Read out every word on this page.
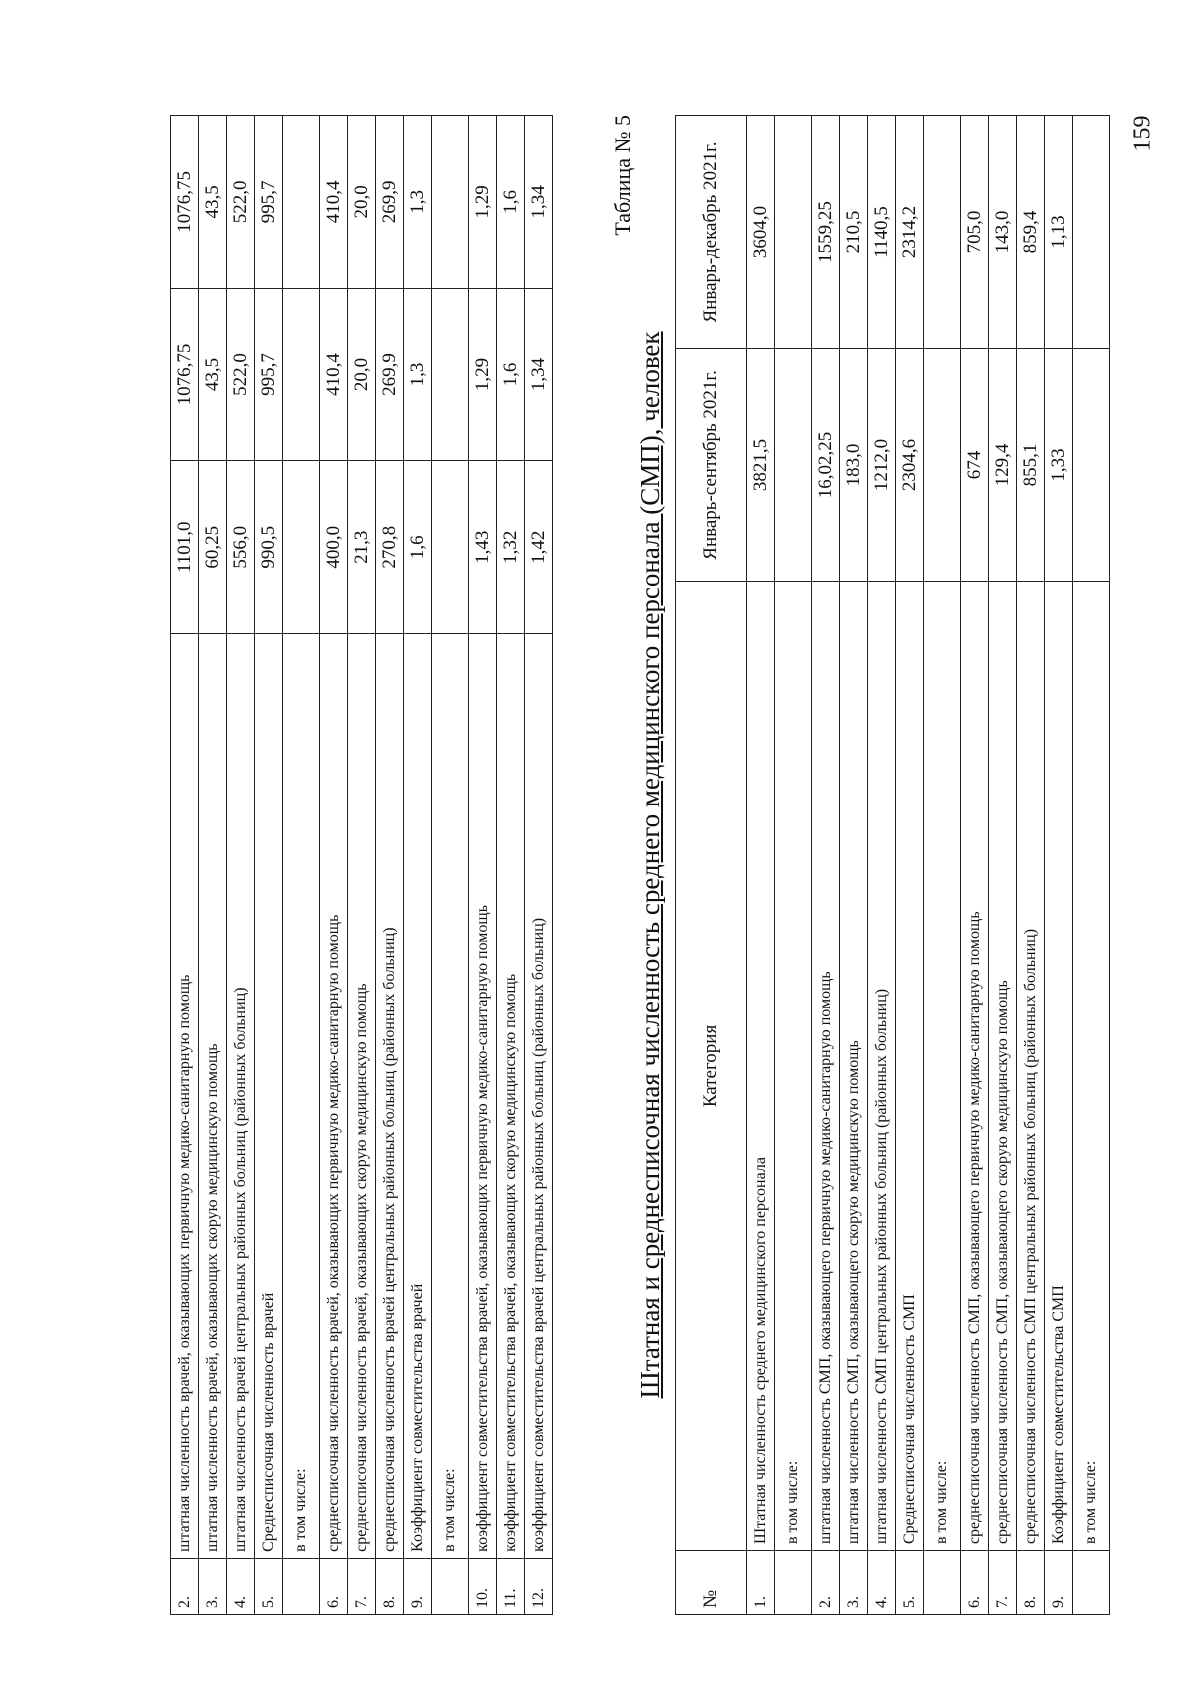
2.	штатная численность врачей, оказывающих первичную медико-санитарную помощь	1101,0	1076,75	1076,75
3.	штатная численность врачей, оказывающих скорую медицинскую помощь	60,25	43,5	43,5
4.	штатная численность врачей центральных районных больниц (районных больниц)	556,0	522,0	522,0
5.	Среднесписочная численность врачей	990,5	995,7	995,7
	в том числе:			
6.	среднесписочная численность врачей, оказывающих первичную медико-санитарную помощь	400,0	410,4	410,4
7.	среднесписочная численность врачей, оказывающих скорую медицинскую помощь	21,3	20,0	20,0
8.	среднесписочная численность врачей центральных районных больниц (районных больниц)	270,8	269,9	269,9
9.	Коэффициент совместительства врачей	1,6	1,3	1,3
	в том числе:			
10.	коэффициент совместительства врачей, оказывающих первичную медико-санитарную помощь	1,43	1,29	1,29
11.	коэффициент совместительства врачей, оказывающих скорую медицинскую помощь	1,32	1,6	1,6
12.	коэффициент совместительства врачей центральных районных больниц (районных больниц)	1,42	1,34	1,34	Таблица № 5
Штатная и среднесписочная численность среднего медицинского персонала (СМП), человек
№	Категория	Январь-сентябрь 2021г.	Январь-декабрь 2021г.
1.	Штатная численность среднего медицинского персонала	3821,5	3604,0
	в том числе:		
2.	штатная численность СМП, оказывающего первичную медико-санитарную помощь	16,02,25	1559,25
3.	штатная численность СМП, оказывающего скорую медицинскую помощь	183,0	210,5
4.	штатная численность СМП центральных районных больниц (районных больниц)	1212,0	1140,5
5.	Среднесписочная численность СМП	2304,6	2314,2
	в том числе:		
6.	среднесписочная численность СМП, оказывающего первичную медико-санитарную помощь	674	705,0
7.	среднесписочная численность СМП, оказывающего скорую медицинскую помощь	129,4	143,0
8.	среднесписочная численность СМП центральных районных больниц (районных больниц)	855,1	859,4
9.	Коэффициент совместительства СМП	1,33	1,13
	в том числе:		
159
